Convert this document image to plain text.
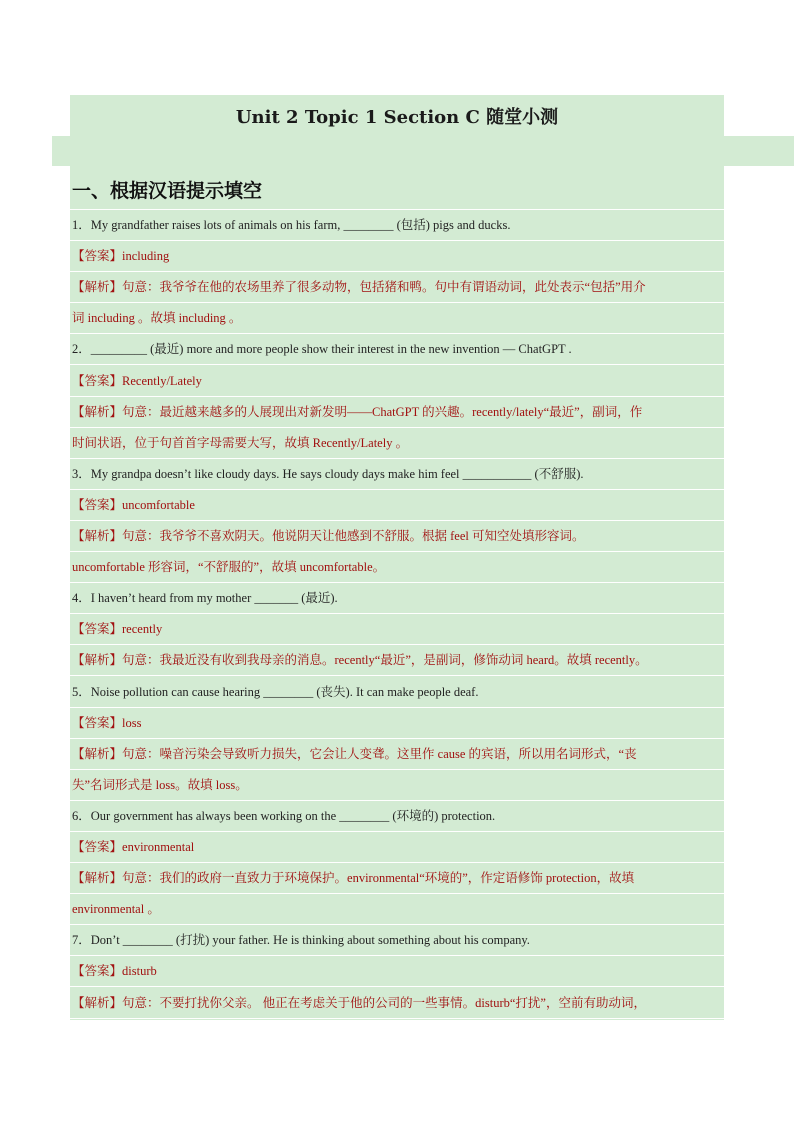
Unit 2 Topic 1 Section C 随堂小测
一、根据汉语提示填空
1．My grandfather raises lots of animals on his farm, ________ (包括) pigs and ducks.
【答案】including
【解析】句意：我爷爷在他的农场里养了很多动物，包括猪和鸭。句中有谓语动词，此处表示“包括”用介
词 including 。故填 including 。
2．_________ (最近) more and more people show their interest in the new invention — ChatGPT .
【答案】Recently/Lately
【解析】句意：最近越来越多的人展现出对新发明——ChatGPT 的兴趣。recently/lately“最近”，副词，作
时间状语，位于句首首字母需要大写，故填 Recently/Lately 。
3．My grandpa doesn’t like cloudy days. He says cloudy days make him feel ___________ (不舒服).
【答案】uncomfortable
【解析】句意：我爷爷不喜欢阴天。他说阴天让他感到不舒服。根据 feel 可知空处填形容词。
uncomfortable 形容词，“不舒服的”，故填 uncomfortable。
4．I haven’t heard from my mother _______ (最近).
【答案】recently
【解析】句意：我最近没有收到我母亲的消息。recently“最近”，是副词，修饰动词 heard。故填 recently。
5．Noise pollution can cause hearing ________ (丧失). It can make people deaf.
【答案】loss
【解析】句意：噪音污染会导致听力损失，它会让人变聋。这里作 cause 的宾语，所以用名词形式，“丧
失”名词形式是 loss。故填 loss。
6．Our government has always been working on the ________ (环境的) protection.
【答案】environmental
【解析】句意：我们的政府一直致力于环境保护。environmental“环境的”，作定语修饰 protection，故填
environmental 。
7．Don’t ________ (打扰) your father. He is thinking about something about his company.
【答案】disturb
【解析】句意：不要打扰你父亲。 他正在考虑关于他的公司的一些事情。disturb“打扰”，空前有助动词，
